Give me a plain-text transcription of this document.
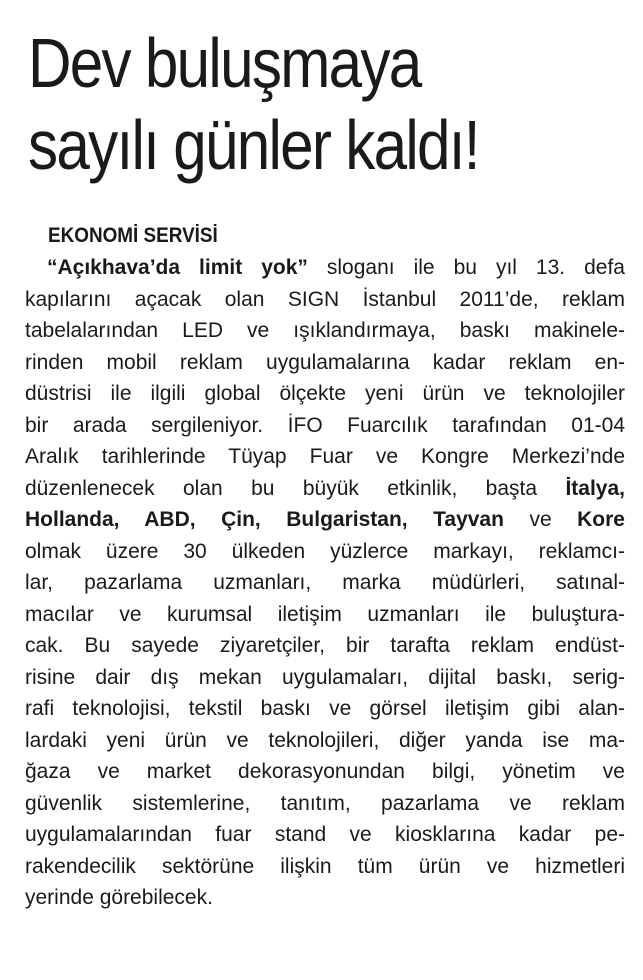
Dev buluşmaya
sayılı günler kaldı!

EKONOMİ SERVİSİ

“Açıkhava’da limit yok” sloganı ile bu yıl 13. defa
kapılarını açacak olan SIGN İstanbul 2011’de, reklam
tabelalarından LED ve ışıklandırmaya, baskı makinele-
rinden mobil reklam uygulamalarına kadar reklam en-
düstrisi ile ilgili global ölçekte yeni ürün ve teknolojiler
bir arada sergileniyor. İFO Fuarcılık tarafından 01-04
Aralık tarihlerinde Tüyap Fuar ve Kongre Merkezi’nde
düzenlenecek olan bu büyük etkinlik, başta İtalya,
Hollanda, ABD, Çin, Bulgaristan, Tayvan ve Kore
olmak üzere 30 ülkeden yüzlerce markayı, reklamcı-
lar, pazarlama uzmanları, marka müdürleri, satınal-
macılar ve kurumsal iletişim uzmanları ile buluştura-
cak. Bu sayede ziyaretçiler, bir tarafta reklam endüst-
risine dair dış mekan uygulamaları, dijital baskı, serig-
rafi teknolojisi, tekstil baskı ve görsel iletişim gibi alan-
lardaki yeni ürün ve teknolojileri, diğer yanda ise ma-
ğaza ve market dekorasyonundan bilgi, yönetim ve
güvenlik sistemlerine, tanıtım, pazarlama ve reklam
uygulamalarından fuar stand ve kiosklarına kadar pe-
rakendecilik sektörüne ilişkin tüm ürün ve hizmetleri
yerinde görebilecek.
